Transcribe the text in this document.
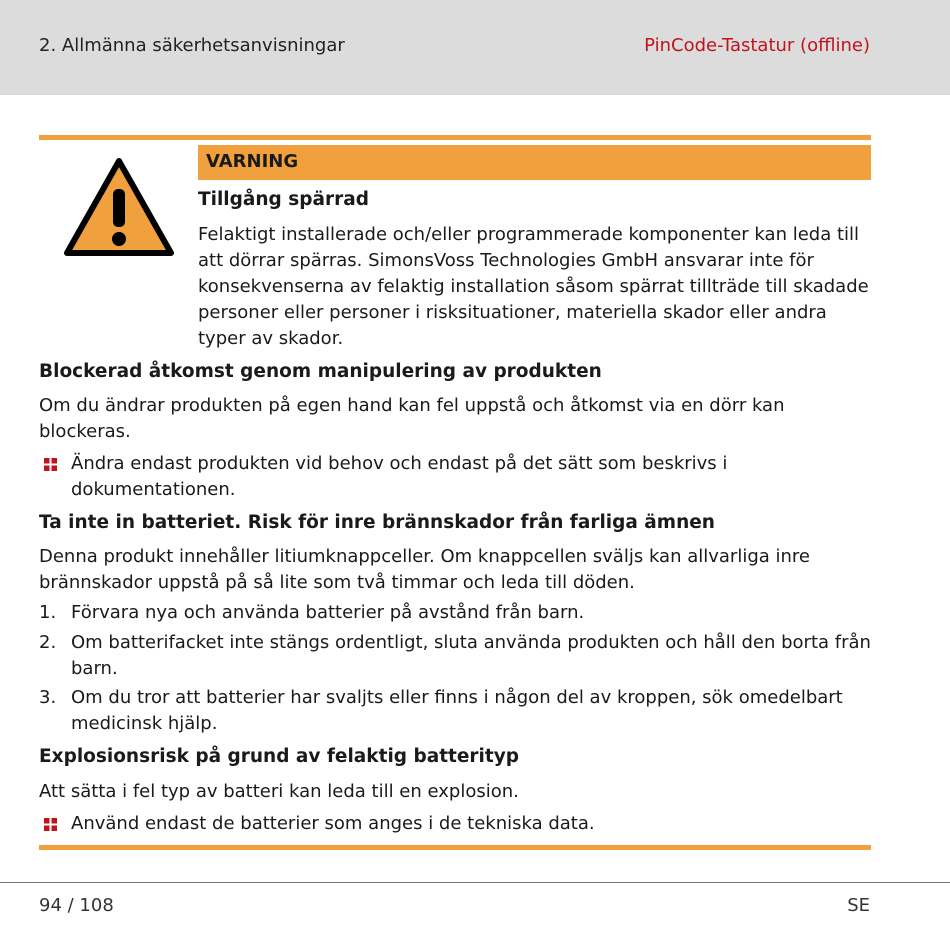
2. Allmänna säkerhetsanvisningar	PinCode-Tastatur (offline)
VARNING
Tillgång spärrad
Felaktigt installerade och/eller programmerade komponenter kan leda till att dörrar spärras. SimonsVoss Technologies GmbH ansvarar inte för konsekvenserna av felaktig installation såsom spärrat tillträde till skadade personer eller personer i risksituationer, materiella skador eller andra typer av skador.
Blockerad åtkomst genom manipulering av produkten
Om du ändrar produkten på egen hand kan fel uppstå och åtkomst via en dörr kan blockeras.
Ändra endast produkten vid behov och endast på det sätt som beskrivs i dokumentationen.
Ta inte in batteriet. Risk för inre brännskador från farliga ämnen
Denna produkt innehåller litiumknappceller. Om knappcellen sväljs kan allvarliga inre brännskador uppstå på så lite som två timmar och leda till döden.
1. Förvara nya och använda batterier på avstånd från barn.
2. Om batterifacket inte stängs ordentligt, sluta använda produkten och håll den borta från barn.
3. Om du tror att batterier har svaljts eller finns i någon del av kroppen, sök omedelbart medicinsk hjälp.
Explosionsrisk på grund av felaktig batterityp
Att sätta i fel typ av batteri kan leda till en explosion.
Använd endast de batterier som anges i de tekniska data.
94 / 108	SE
